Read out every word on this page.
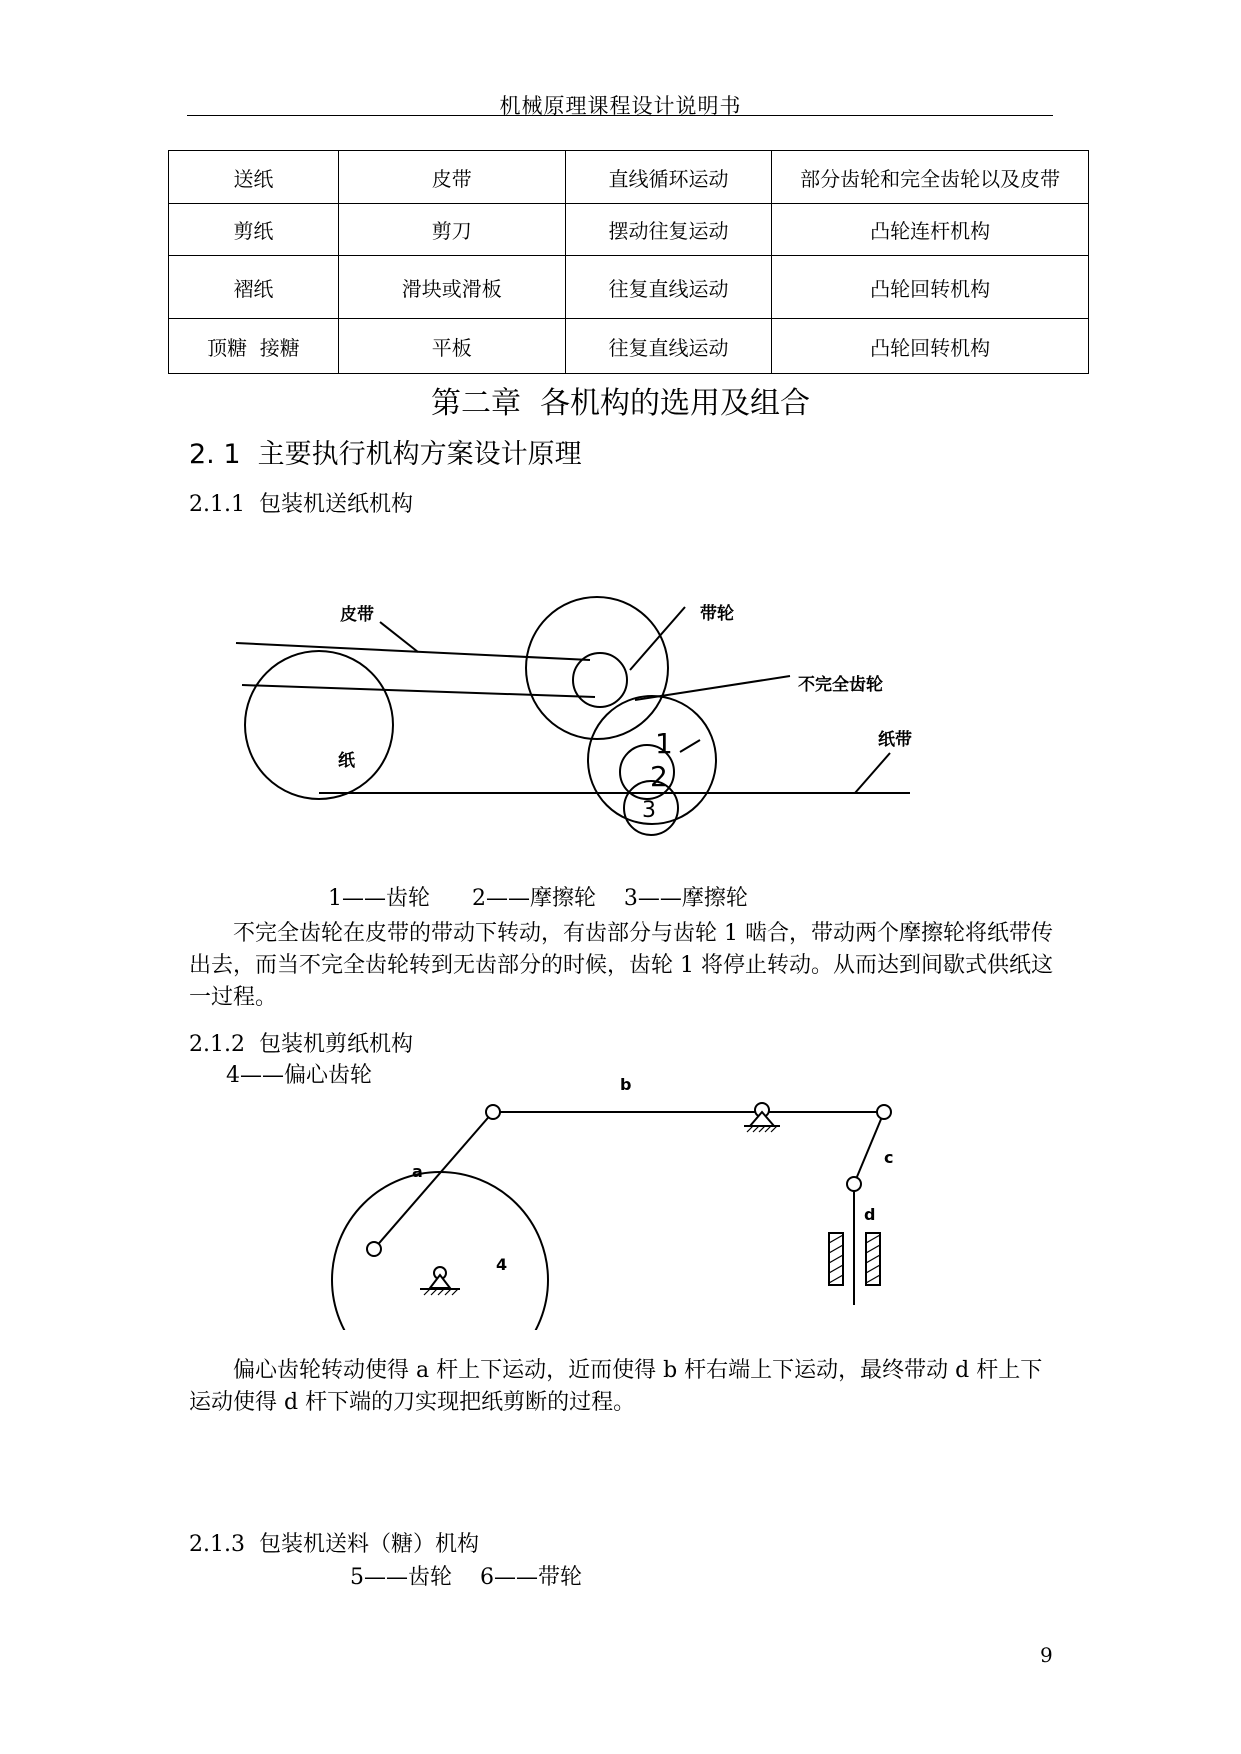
机械原理课程设计说明书
送纸	皮带	直线循环运动	部分齿轮和完全齿轮以及皮带
剪纸	剪刀	摆动往复运动	凸轮连杆机构
褶纸	滑块或滑板	往复直线运动	凸轮回转机构
顶糖  接糖	平板	往复直线运动	凸轮回转机构
第二章  各机构的选用及组合
2. 1  主要执行机构方案设计原理
2.1.1 包装机送纸机构
皮带	带轮
不完全齿轮
纸带
纸
1
2
3
1——齿轮      2——摩擦轮    3——摩擦轮
不完全齿轮在皮带的带动下转动，有齿部分与齿轮 1 啮合，带动两个摩擦轮将纸带传出去，而当不完全齿轮转到无齿部分的时候，齿轮 1 将停止转动。从而达到间歇式供纸这一过程。
2.1.2 包装机剪纸机构
4——偏心齿轮	b
a
c
d
4
偏心齿轮转动使得 a 杆上下运动，近而使得 b 杆右端上下运动，最终带动 d 杆上下运动使得 d 杆下端的刀实现把纸剪断的过程。
2.1.3 包装机送料（糖）机构
5——齿轮    6——带轮
9
